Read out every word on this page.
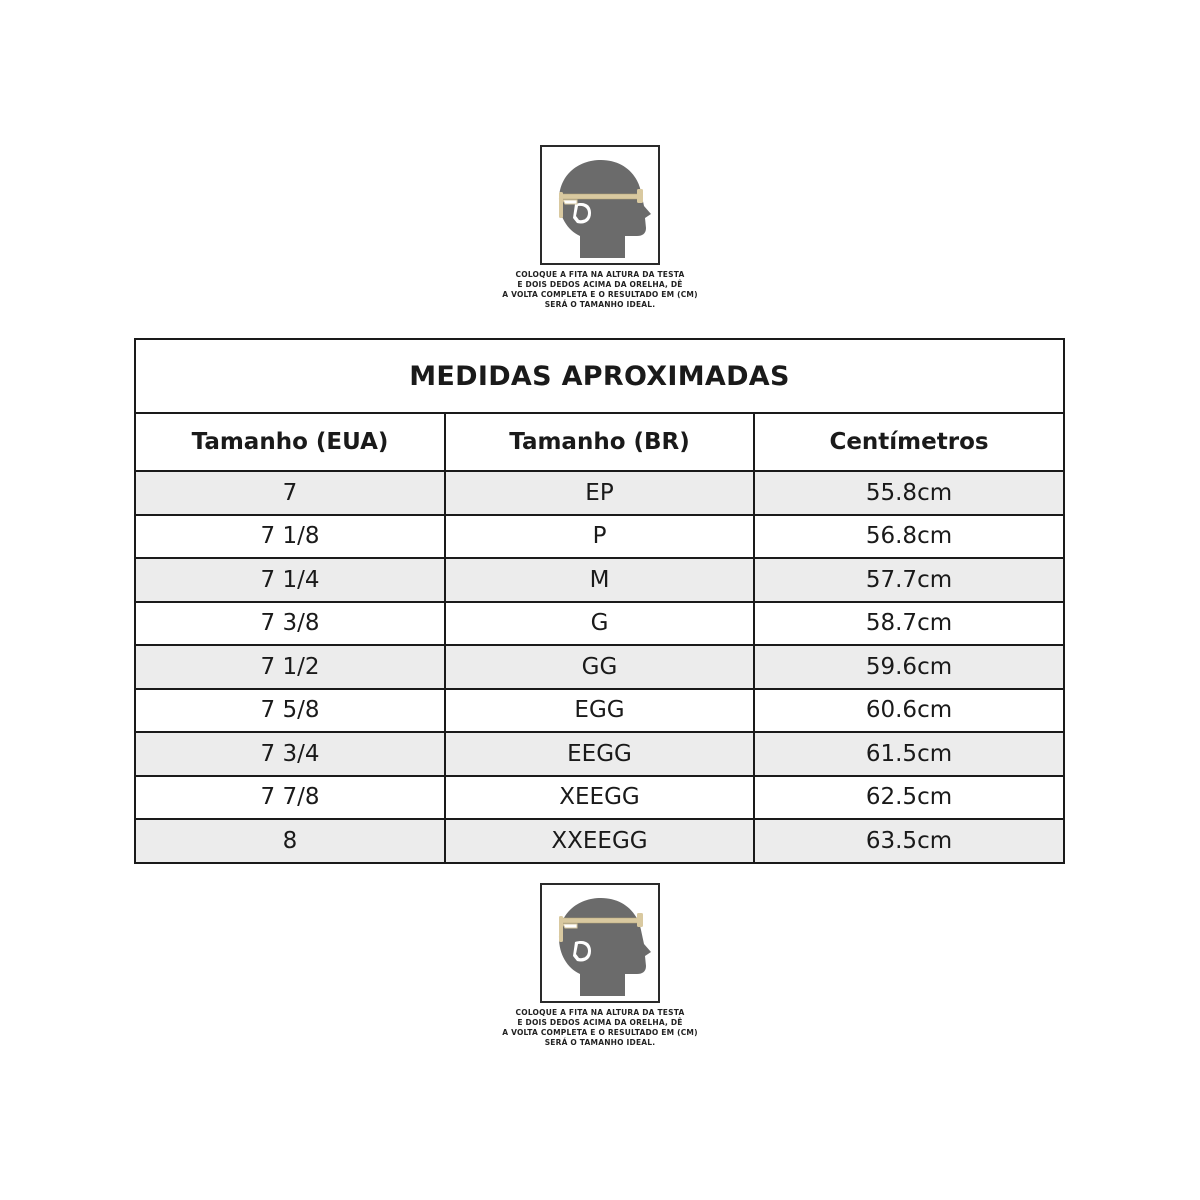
COLOQUE A FITA NA ALTURA DA TESTA
E DOIS DEDOS ACIMA DA ORELHA, DÊ
A VOLTA COMPLETA E O RESULTADO EM (CM)
SERÁ O TAMANHO IDEAL.
MEDIDAS APROXIMADAS
Tamanho (EUA)	Tamanho (BR)	Centímetros
7	EP	55.8cm
7 1/8	P	56.8cm
7 1/4	M	57.7cm
7 3/8	G	58.7cm
7 1/2	GG	59.6cm
7 5/8	EGG	60.6cm
7 3/4	EEGG	61.5cm
7 7/8	XEEGG	62.5cm
8	XXEEGG	63.5cm
COLOQUE A FITA NA ALTURA DA TESTA
E DOIS DEDOS ACIMA DA ORELHA, DÊ
A VOLTA COMPLETA E O RESULTADO EM (CM)
SERÁ O TAMANHO IDEAL.
